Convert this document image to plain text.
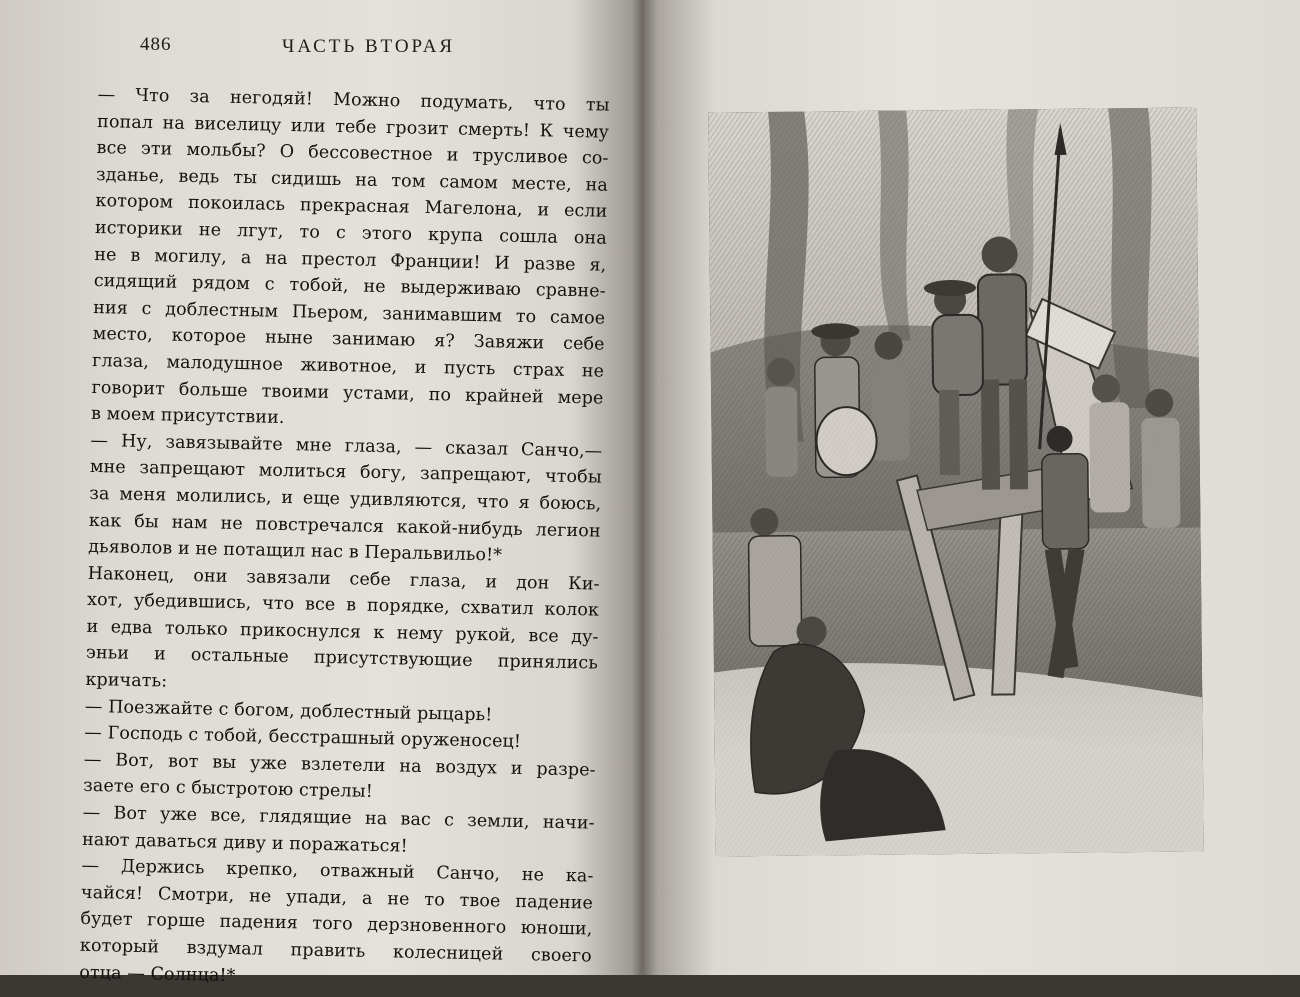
486	ЧАСТЬ ВТОРАЯ
— Что за негодяй! Можно подумать, что ты
попал на виселицу или тебе грозит смерть! К чему
все эти мольбы? О бессовестное и трусливое со-
зданье, ведь ты сидишь на том самом месте, на
котором покоилась прекрасная Магелона, и если
историки не лгут, то с этого крупа сошла она
не в могилу, а на престол Франции! И разве я,
сидящий рядом с тобой, не выдерживаю сравне-
ния с доблестным Пьером, занимавшим то самое
место, которое ныне занимаю я? Завяжи себе
глаза, малодушное животное, и пусть страх не
говорит больше твоими устами, по крайней мере
в моем присутствии.
— Ну, завязывайте мне глаза, — сказал Санчо,—
мне запрещают молиться богу, запрещают, чтобы
за меня молились, и еще удивляются, что я боюсь,
как бы нам не повстречался какой-нибудь легион
дьяволов и не потащил нас в Перальвильо!*
Наконец, они завязали себе глаза, и дон Ки-
хот, убедившись, что все в порядке, схватил колок
и едва только прикоснулся к нему рукой, все ду-
эньи и остальные присутствующие принялись
кричать:
— Поезжайте с богом, доблестный рыцарь!
— Господь с тобой, бесстрашный оруженосец!
— Вот, вот вы уже взлетели на воздух и разре-
заете его с быстротою стрелы!
— Вот уже все, глядящие на вас с земли, начи-
нают даваться диву и поражаться!
— Держись крепко, отважный Санчо, не ка-
чайся! Смотри, не упади, а не то твое падение
будет горше падения того дерзновенного юноши,
который вздумал править колесницей своего
отца — Солнца!*
